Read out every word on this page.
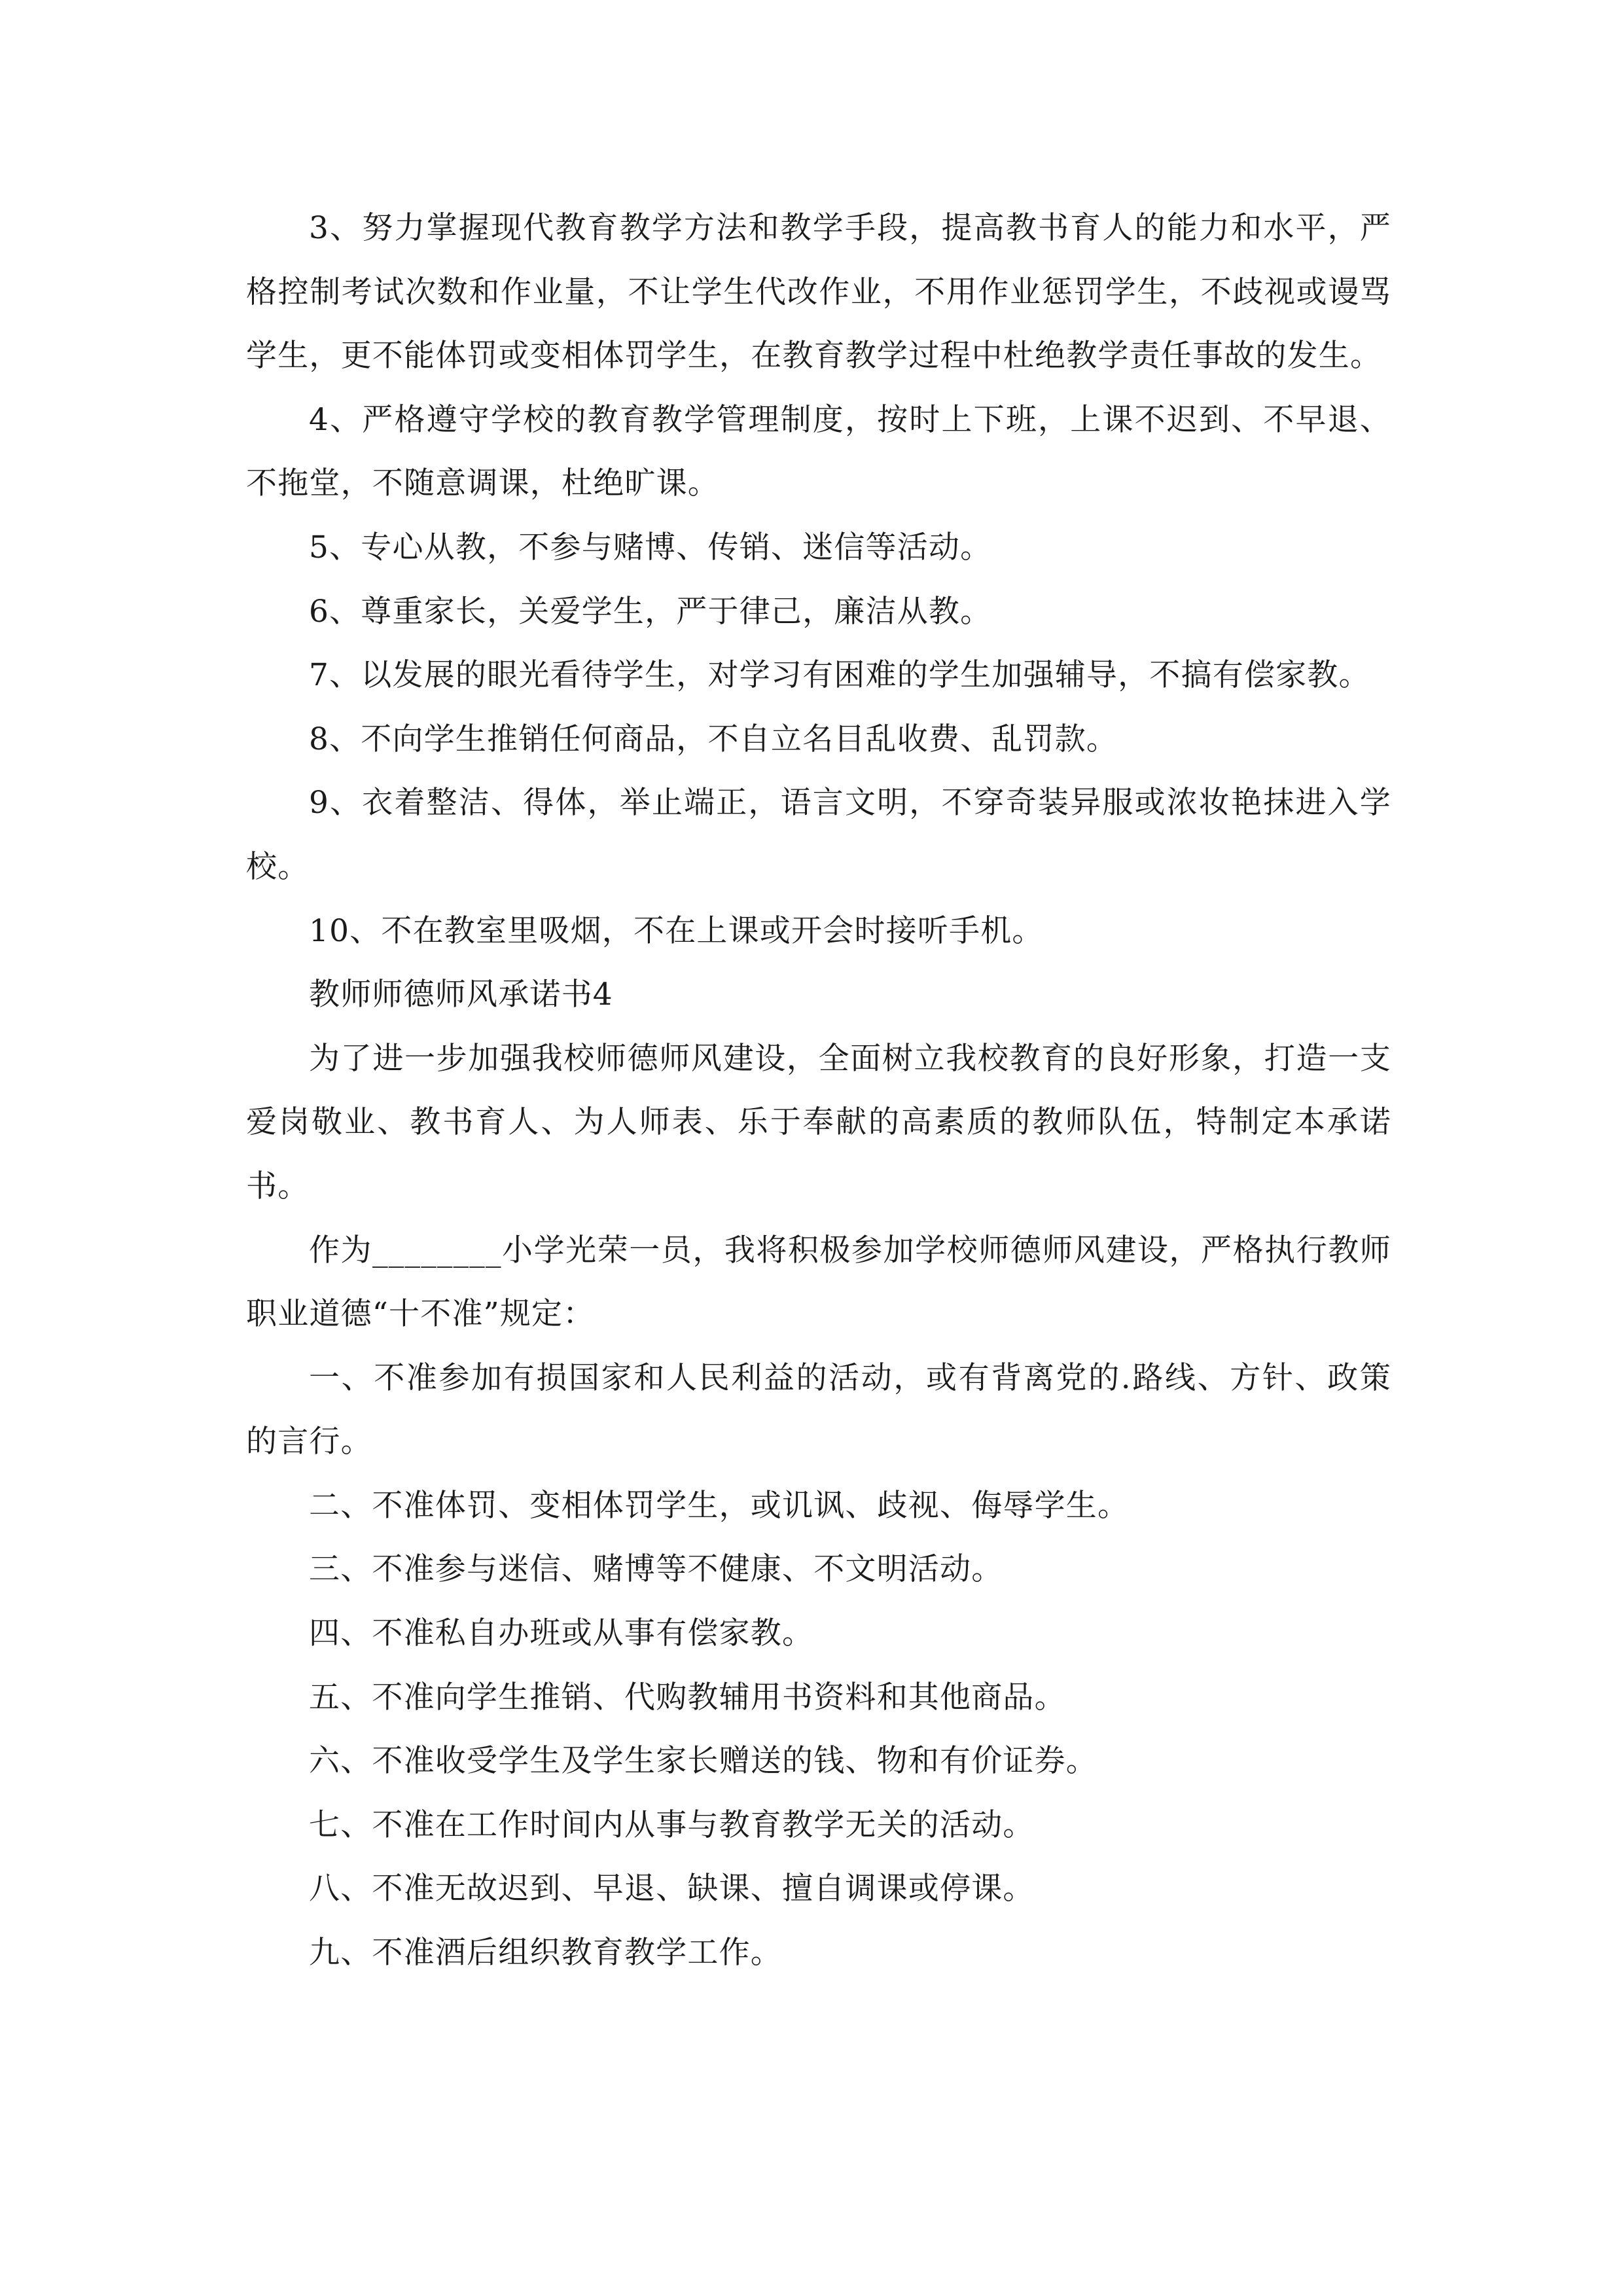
3、努力掌握现代教育教学方法和教学手段，提高教书育人的能力和水平，严格控制考试次数和作业量，不让学生代改作业，不用作业惩罚学生，不歧视或谩骂学生，更不能体罚或变相体罚学生，在教育教学过程中杜绝教学责任事故的发生。

4、严格遵守学校的教育教学管理制度，按时上下班，上课不迟到、不早退、不拖堂，不随意调课，杜绝旷课。

5、专心从教，不参与赌博、传销、迷信等活动。

6、尊重家长，关爱学生，严于律己，廉洁从教。

7、以发展的眼光看待学生，对学习有困难的学生加强辅导，不搞有偿家教。

8、不向学生推销任何商品，不自立名目乱收费、乱罚款。

9、衣着整洁、得体，举止端正，语言文明，不穿奇装异服或浓妆艳抹进入学校。

10、不在教室里吸烟，不在上课或开会时接听手机。

教师师德师风承诺书4

为了进一步加强我校师德师风建设，全面树立我校教育的良好形象，打造一支爱岗敬业、教书育人、为人师表、乐于奉献的高素质的教师队伍，特制定本承诺书。

作为________小学光荣一员，我将积极参加学校师德师风建设，严格执行教师职业道德“十不准”规定：

一、不准参加有损国家和人民利益的活动，或有背离党的.路线、方针、政策的言行。

二、不准体罚、变相体罚学生，或讥讽、歧视、侮辱学生。

三、不准参与迷信、赌博等不健康、不文明活动。

四、不准私自办班或从事有偿家教。

五、不准向学生推销、代购教辅用书资料和其他商品。

六、不准收受学生及学生家长赠送的钱、物和有价证券。

七、不准在工作时间内从事与教育教学无关的活动。

八、不准无故迟到、早退、缺课、擅自调课或停课。

九、不准酒后组织教育教学工作。
